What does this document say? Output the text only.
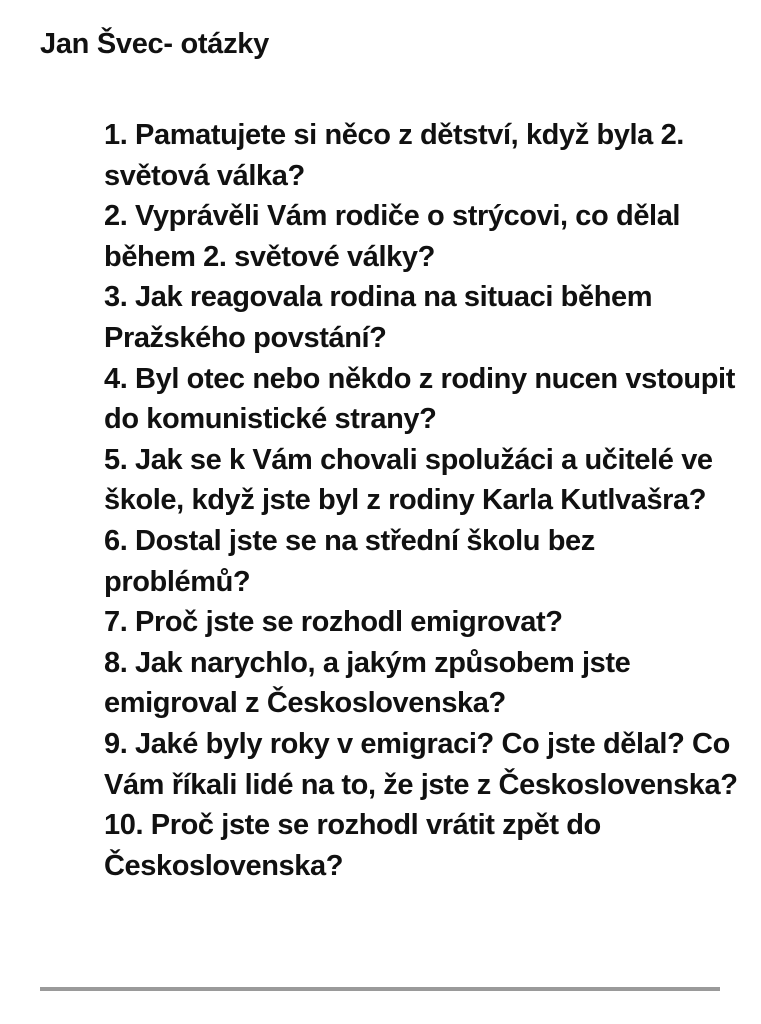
Jan Švec- otázky
1. Pamatujete si něco z dětství, když byla 2. světová válka?
2. Vyprávěli Vám rodiče o strýcovi, co dělal během 2. světové války?
3. Jak reagovala rodina na situaci během Pražského povstání?
4. Byl otec nebo někdo z rodiny nucen vstoupit do komunistické strany?
5. Jak se k Vám chovali spolužáci a učitelé ve škole, když jste byl z rodiny Karla Kutlvašra?
6. Dostal jste se na střední školu bez problémů?
7. Proč jste se rozhodl emigrovat?
8. Jak narychlo, a jakým způsobem jste emigroval z Československa?
9. Jaké byly roky v emigraci? Co jste dělal? Co Vám říkali lidé na to, že jste z Československa?
10. Proč jste se rozhodl vrátit zpět do Československa?
